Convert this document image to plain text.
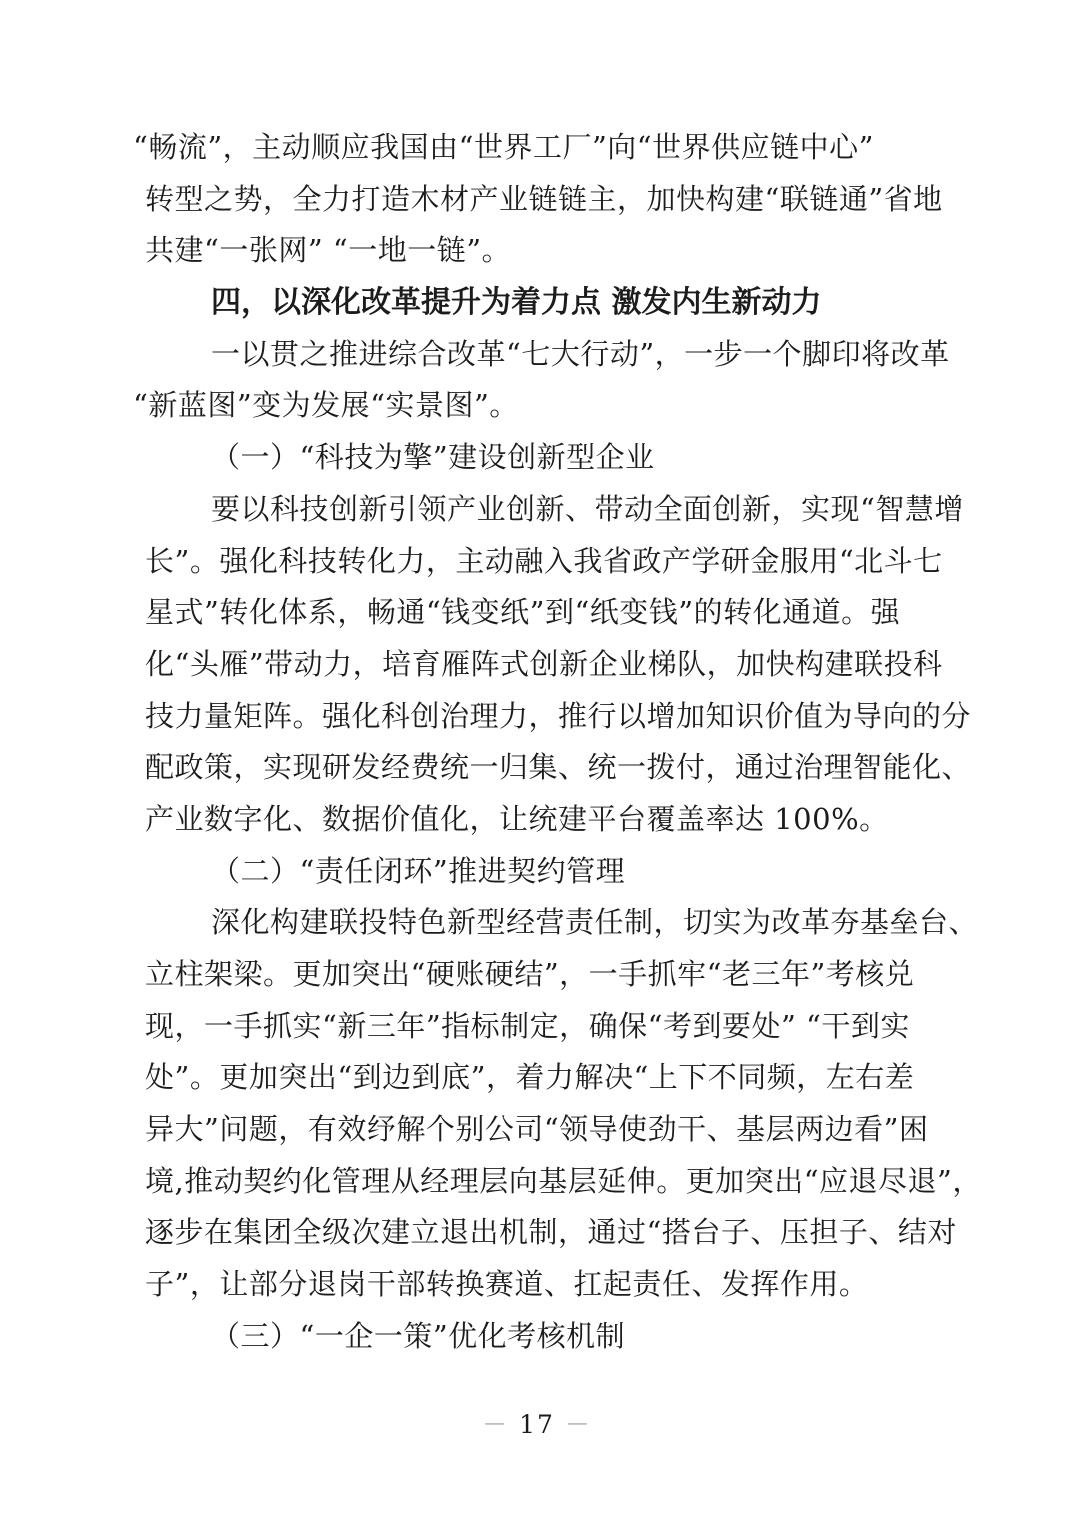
“畅流”，主动顺应我国由“世界工厂”向“世界供应链中心”
转型之势，全力打造木材产业链链主，加快构建“联链通”省地
共建“一张网” “一地一链”。
四，以深化改革提升为着力点 激发内生新动力
一以贯之推进综合改革“七大行动”，一步一个脚印将改革
“新蓝图”变为发展“实景图”。
（一）“科技为擎”建设创新型企业
要以科技创新引领产业创新、带动全面创新，实现“智慧增
长”。强化科技转化力，主动融入我省政产学研金服用“北斗七
星式”转化体系，畅通“钱变纸”到“纸变钱”的转化通道。强
化“头雁”带动力，培育雁阵式创新企业梯队，加快构建联投科
技力量矩阵。强化科创治理力，推行以增加知识价值为导向的分
配政策，实现研发经费统一归集、统一拨付，通过治理智能化、
产业数字化、数据价值化，让统建平台覆盖率达 100%。
（二）“责任闭环”推进契约管理
深化构建联投特色新型经营责任制，切实为改革夯基垒台、
立柱架梁。更加突出“硬账硬结”，一手抓牢“老三年”考核兑
现，一手抓实“新三年”指标制定，确保“考到要处” “干到实
处”。更加突出“到边到底”，着力解决“上下不同频，左右差
异大”问题，有效纾解个别公司“领导使劲干、基层两边看”困
境,推动契约化管理从经理层向基层延伸。更加突出“应退尽退”，
逐步在集团全级次建立退出机制，通过“搭台子、压担子、结对
子”，让部分退岗干部转换赛道、扛起责任、发挥作用。
（三）“一企一策”优化考核机制
－ 17 －
